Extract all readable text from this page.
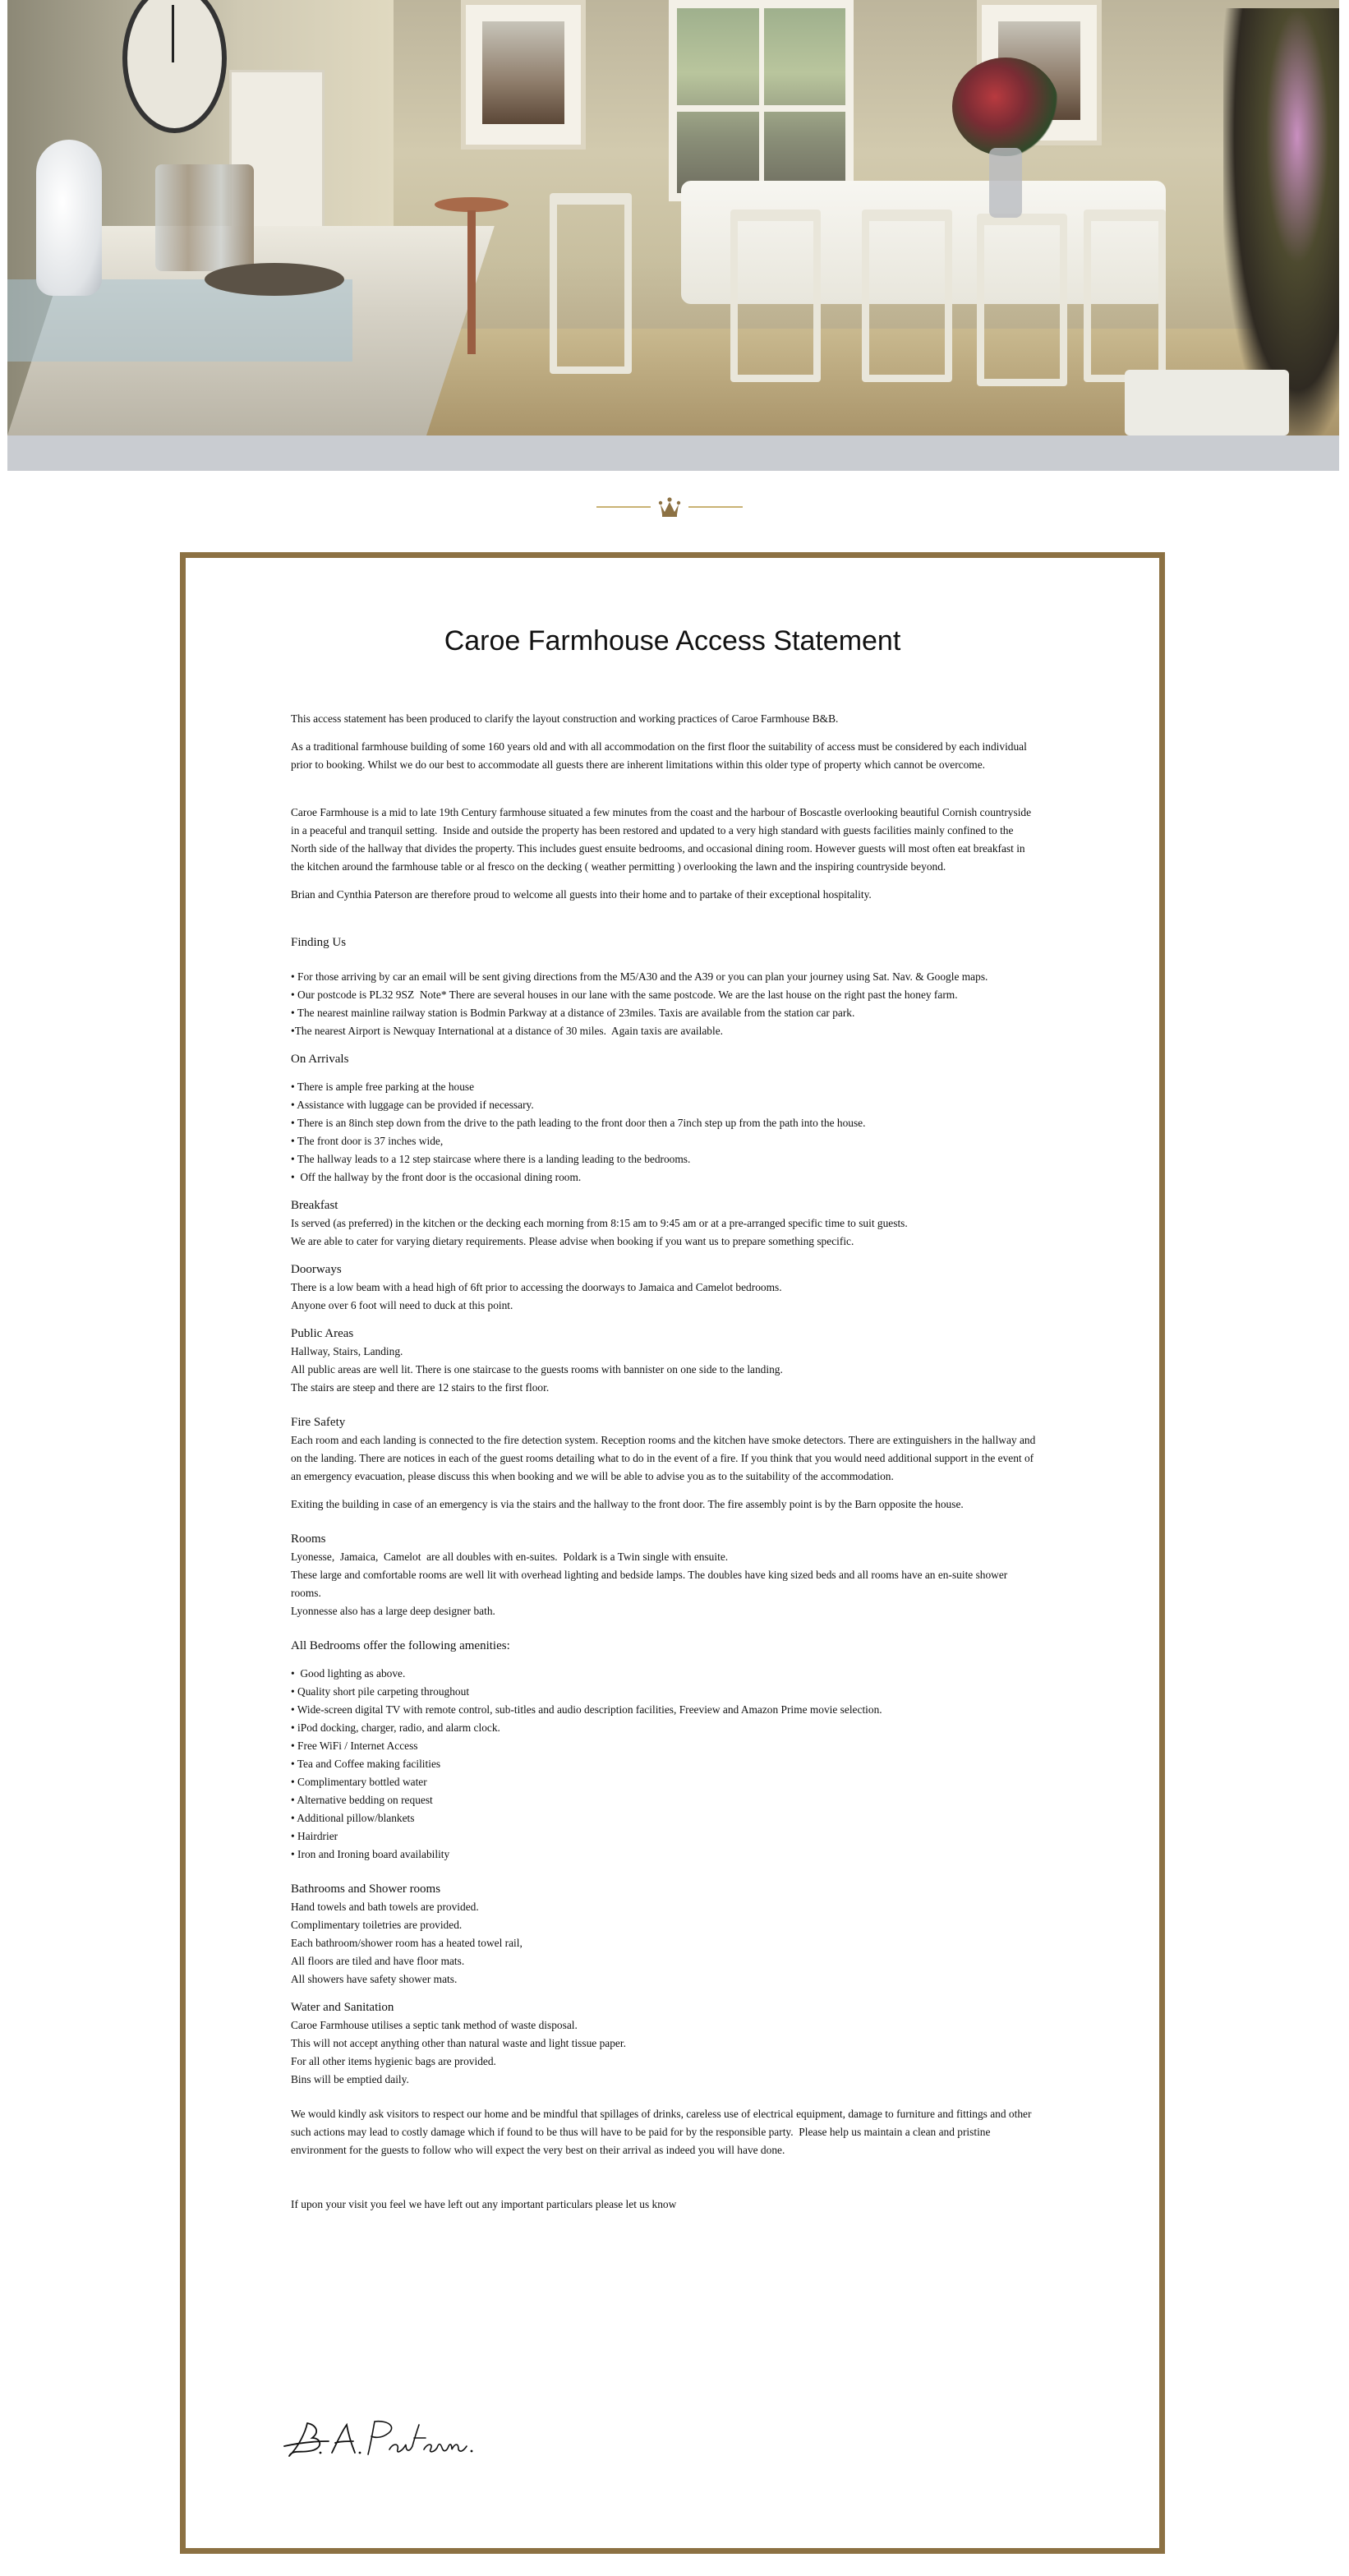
Caroe Farmhouse Access Statement
This access statement has been produced to clarify the layout construction and working practices of Caroe Farmhouse B&B.
As a traditional farmhouse building of some 160 years old and with all accommodation on the first floor the suitability of access must be considered by each individual
prior to booking. Whilst we do our best to accommodate all guests there are inherent limitations within this older type of property which cannot be overcome.
Caroe Farmhouse is a mid to late 19th Century farmhouse situated a few minutes from the coast and the harbour of Boscastle overlooking beautiful Cornish countryside
in a peaceful and tranquil setting.  Inside and outside the property has been restored and updated to a very high standard with guests facilities mainly confined to the
North side of the hallway that divides the property. This includes guest ensuite bedrooms, and occasional dining room. However guests will most often eat breakfast in
the kitchen around the farmhouse table or al fresco on the decking ( weather permitting ) overlooking the lawn and the inspiring countryside beyond.
Brian and Cynthia Paterson are therefore proud to welcome all guests into their home and to partake of their exceptional hospitality.
Finding Us
• For those arriving by car an email will be sent giving directions from the M5/A30 and the A39 or you can plan your journey using Sat. Nav. & Google maps.
• Our postcode is PL32 9SZ  Note* There are several houses in our lane with the same postcode. We are the last house on the right past the honey farm.
• The nearest mainline railway station is Bodmin Parkway at a distance of 23miles. Taxis are available from the station car park.
•The nearest Airport is Newquay International at a distance of 30 miles.  Again taxis are available.
On Arrivals
• There is ample free parking at the house
• Assistance with luggage can be provided if necessary.
• There is an 8inch step down from the drive to the path leading to the front door then a 7inch step up from the path into the house.
• The front door is 37 inches wide,
• The hallway leads to a 12 step staircase where there is a landing leading to the bedrooms.
•  Off the hallway by the front door is the occasional dining room.
Breakfast
Is served (as preferred) in the kitchen or the decking each morning from 8:15 am to 9:45 am or at a pre-arranged specific time to suit guests.
We are able to cater for varying dietary requirements. Please advise when booking if you want us to prepare something specific.
Doorways
There is a low beam with a head high of 6ft prior to accessing the doorways to Jamaica and Camelot bedrooms.
Anyone over 6 foot will need to duck at this point.
Public Areas
Hallway, Stairs, Landing.
All public areas are well lit. There is one staircase to the guests rooms with bannister on one side to the landing.
The stairs are steep and there are 12 stairs to the first floor.
Fire Safety
Each room and each landing is connected to the fire detection system. Reception rooms and the kitchen have smoke detectors. There are extinguishers in the hallway and
on the landing. There are notices in each of the guest rooms detailing what to do in the event of a fire. If you think that you would need additional support in the event of
an emergency evacuation, please discuss this when booking and we will be able to advise you as to the suitability of the accommodation.
Exiting the building in case of an emergency is via the stairs and the hallway to the front door. The fire assembly point is by the Barn opposite the house.
Rooms
Lyonesse,  Jamaica,  Camelot  are all doubles with en-suites.  Poldark is a Twin single with ensuite.
These large and comfortable rooms are well lit with overhead lighting and bedside lamps. The doubles have king sized beds and all rooms have an en-suite shower
rooms.
Lyonnesse also has a large deep designer bath.
All Bedrooms offer the following amenities:
•  Good lighting as above.
• Quality short pile carpeting throughout
• Wide-screen digital TV with remote control, sub-titles and audio description facilities, Freeview and Amazon Prime movie selection.
• iPod docking, charger, radio, and alarm clock.
• Free WiFi / Internet Access
• Tea and Coffee making facilities
• Complimentary bottled water
• Alternative bedding on request
• Additional pillow/blankets
• Hairdrier
• Iron and Ironing board availability
Bathrooms and Shower rooms
Hand towels and bath towels are provided.
Complimentary toiletries are provided.
Each bathroom/shower room has a heated towel rail,
All floors are tiled and have floor mats.
All showers have safety shower mats.
Water and Sanitation
Caroe Farmhouse utilises a septic tank method of waste disposal.
This will not accept anything other than natural waste and light tissue paper.
For all other items hygienic bags are provided.
Bins will be emptied daily.
We would kindly ask visitors to respect our home and be mindful that spillages of drinks, careless use of electrical equipment, damage to furniture and fittings and other
such actions may lead to costly damage which if found to be thus will have to be paid for by the responsible party.  Please help us maintain a clean and pristine
environment for the guests to follow who will expect the very best on their arrival as indeed you will have done.
If upon your visit you feel we have left out any important particulars please let us know
